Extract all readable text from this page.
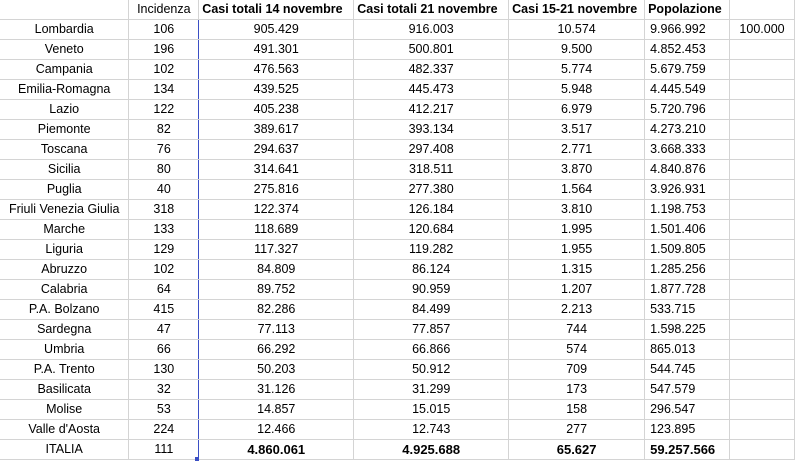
	Incidenza	Casi totali 14 novembre	Casi totali 21 novembre	Casi 15-21 novembre	Popolazione	
Lombardia	106	905.429	916.003	10.574	9.966.992	100.000
Veneto	196	491.301	500.801	9.500	4.852.453	
Campania	102	476.563	482.337	5.774	5.679.759	
Emilia-Romagna	134	439.525	445.473	5.948	4.445.549	
Lazio	122	405.238	412.217	6.979	5.720.796	
Piemonte	82	389.617	393.134	3.517	4.273.210	
Toscana	76	294.637	297.408	2.771	3.668.333	
Sicilia	80	314.641	318.511	3.870	4.840.876	
Puglia	40	275.816	277.380	1.564	3.926.931	
Friuli Venezia Giulia	318	122.374	126.184	3.810	1.198.753	
Marche	133	118.689	120.684	1.995	1.501.406	
Liguria	129	117.327	119.282	1.955	1.509.805	
Abruzzo	102	84.809	86.124	1.315	1.285.256	
Calabria	64	89.752	90.959	1.207	1.877.728	
P.A. Bolzano	415	82.286	84.499	2.213	533.715	
Sardegna	47	77.113	77.857	744	1.598.225	
Umbria	66	66.292	66.866	574	865.013	
P.A. Trento	130	50.203	50.912	709	544.745	
Basilicata	32	31.126	31.299	173	547.579	
Molise	53	14.857	15.015	158	296.547	
Valle d'Aosta	224	12.466	12.743	277	123.895	
ITALIA	111	4.860.061	4.925.688	65.627	59.257.566	
